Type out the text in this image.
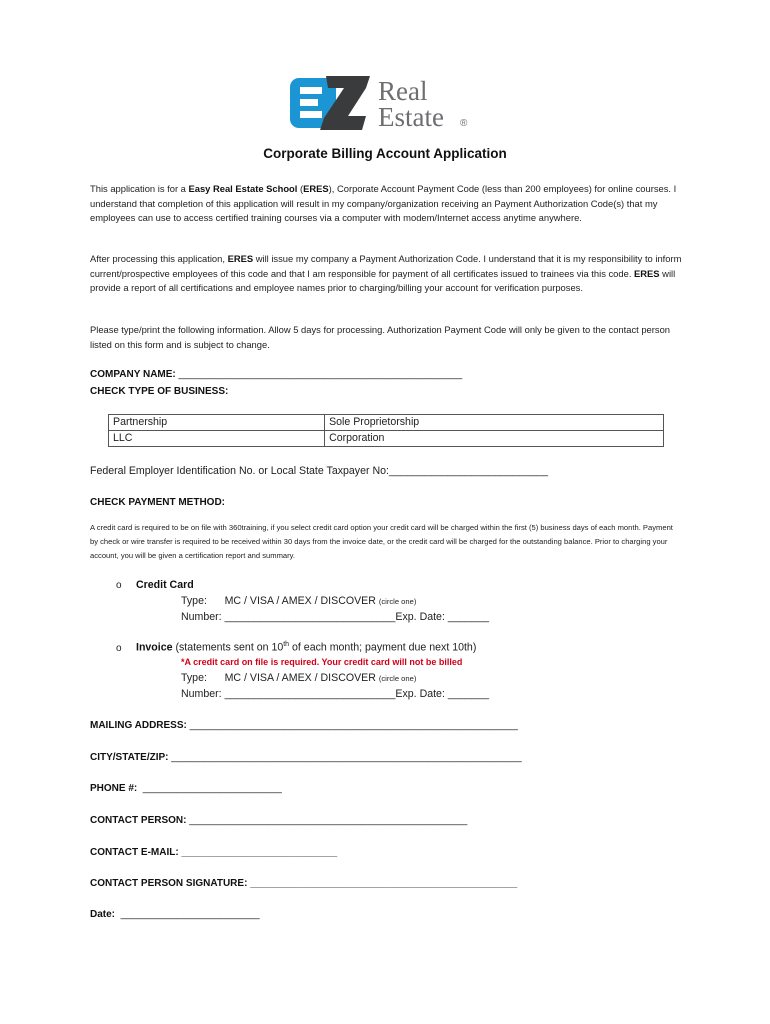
Real
Estate ®
Corporate Billing Account Application
This application is for a Easy Real Estate School (ERES), Corporate Account Payment Code (less than 200 employees) for online courses. I understand that completion of this application will result in my company/organization receiving an Payment Authorization Code(s) that my employees can use to access certified training courses via a computer with modem/Internet access anytime anywhere.
After processing this application, ERES will issue my company a Payment Authorization Code. I understand that it is my responsibility to inform current/prospective employees of this code and that I am responsible for payment of all certificates issued to trainees via this code. ERES will provide a report of all certifications and employee names prior to charging/billing your account for verification purposes.
Please type/print the following information. Allow 5 days for processing. Authorization Payment Code will only be given to the contact person listed on this form and is subject to change.
COMPANY NAME: ___________________________________________________
CHECK TYPE OF BUSINESS:
Partnership	Sole Proprietorship
LLC	Corporation
Federal Employer Identification No. or Local State Taxpayer No:___________________________
CHECK PAYMENT METHOD:
A credit card is required to be on file with 360training, if you select credit card option your credit card will be charged within the first (5) business days of each month. Payment by check or wire transfer is required to be received within 30 days from the invoice date, or the credit card will be charged for the outstanding balance. Prior to charging your account, you will be given a certification report and summary.
o Credit Card
Type:      MC / VISA / AMEX / DISCOVER (circle one)
Number: _____________________________Exp. Date: _______
o Invoice (statements sent on 10th of each month; payment due next 10th)
*A credit card on file is required. Your credit card will not be billed
Type:      MC / VISA / AMEX / DISCOVER (circle one)
Number: _____________________________Exp. Date: _______
MAILING ADDRESS: ___________________________________________________________
CITY/STATE/ZIP: _______________________________________________________________
PHONE #:  _________________________
CONTACT PERSON: __________________________________________________
CONTACT E-MAIL: ____________________________
CONTACT PERSON SIGNATURE: ________________________________________________
Date:  _________________________
